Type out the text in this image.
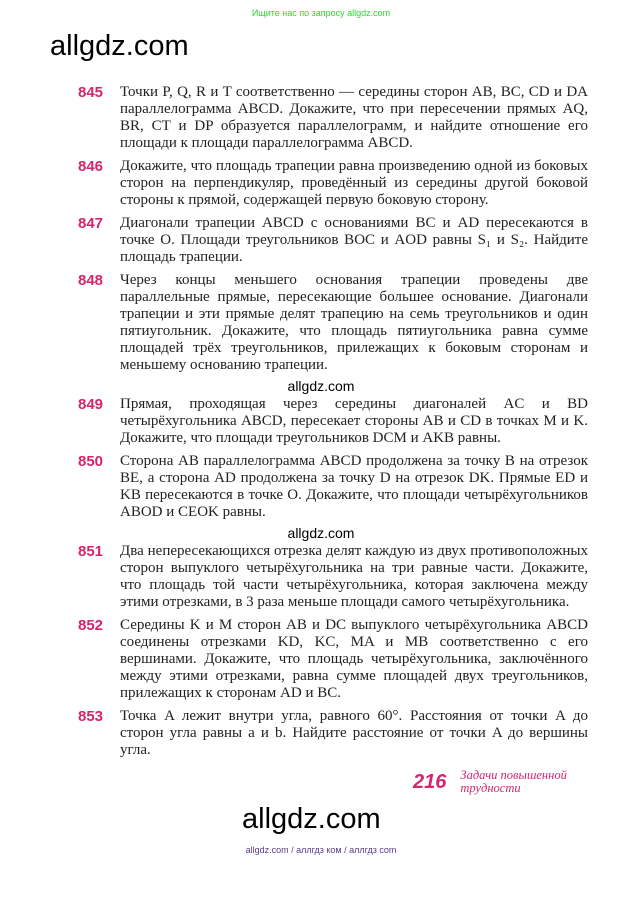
Ищите нас по запросу allgdz.com
allgdz.com
845 Точки P, Q, R и T соответственно — середины сторон AB, BC, CD и DA параллелограмма ABCD. Докажите, что при пересечении прямых AQ, BR, CT и DP образуется параллелограмм, и найдите отношение его площади к площади параллелограмма ABCD.
846 Докажите, что площадь трапеции равна произведению одной из боковых сторон на перпендикуляр, проведённый из середины другой боковой стороны к прямой, содержащей первую боковую сторону.
847 Диагонали трапеции ABCD с основаниями BC и AD пересекаются в точке O. Площади треугольников BOC и AOD равны S₁ и S₂. Найдите площадь трапеции.
848 Через концы меньшего основания трапеции проведены две параллельные прямые, пересекающие большее основание. Диагонали трапеции и эти прямые делят трапецию на семь треугольников и один пятиугольник. Докажите, что площадь пятиугольника равна сумме площадей трёх треугольников, прилежащих к боковым сторонам и меньшему основанию трапеции.
allgdz.com
849 Прямая, проходящая через середины диагоналей AC и BD четырёхугольника ABCD, пересекает стороны AB и CD в точках M и K. Докажите, что площади треугольников DCM и AKB равны.
850 Сторона AB параллелограмма ABCD продолжена за точку B на отрезок BE, а сторона AD продолжена за точку D на отрезок DK. Прямые ED и KB пересекаются в точке O. Докажите, что площади четырёхугольников ABOD и CEOK равны.
allgdz.com
851 Два непересекающихся отрезка делят каждую из двух противоположных сторон выпуклого четырёхугольника на три равные части. Докажите, что площадь той части четырёхугольника, которая заключена между этими отрезками, в 3 раза меньше площади самого четырёхугольника.
852 Середины K и M сторон AB и DC выпуклого четырёхугольника ABCD соединены отрезками KD, KC, MA и MB соответственно с его вершинами. Докажите, что площадь четырёхугольника, заключённого между этими отрезками, равна сумме площадей двух треугольников, прилежащих к сторонам AD и BC.
853 Точка A лежит внутри угла, равного 60°. Расстояния от точки A до сторон угла равны a и b. Найдите расстояние от точки A до вершины угла.
216 Задачи повышенной трудности
allgdz.com
allgdz.com / аллгдз ком / аллгдз com
